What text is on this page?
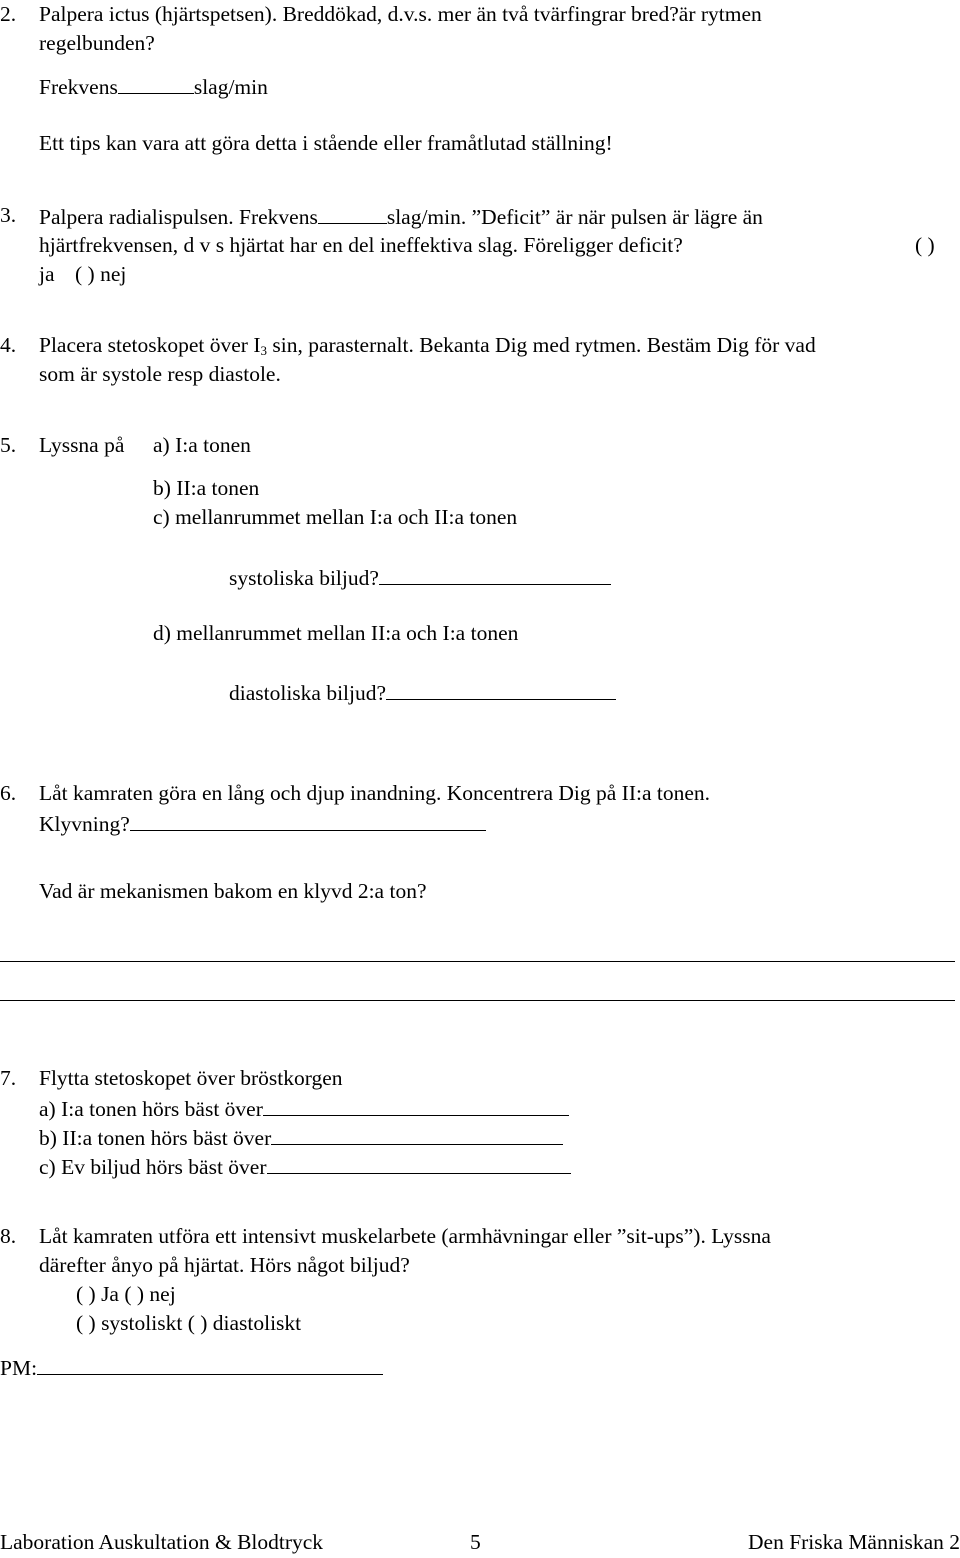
2. Palpera ictus (hjärtspetsen). Breddökad, d.v.s. mer än två tvärfingrar bred?är rytmen
regelbunden?
Frekvens	slag/min
Ett tips kan vara att göra detta i stående eller framåtlutad ställning!
3. Palpera radialispulsen. Frekvens	slag/min. ”Deficit” är när pulsen är lägre än
hjärtfrekvensen, d v s hjärtat har en del ineffektiva slag. Föreligger deficit?	( )
ja ( ) nej
4. Placera stetoskopet över $I_3$ sin, parasternalt. Bekanta Dig med rytmen. Bestäm Dig för vad
som är systole resp diastole.
5. Lyssna på a) I:a tonen
b) II:a tonen
c) mellanrummet mellan I:a och II:a tonen
systoliska biljud?
d) mellanrummet mellan II:a och I:a tonen
diastoliska biljud?
6. Låt kamraten göra en lång och djup inandning. Koncentrera Dig på II:a tonen.
Klyvning?
Vad är mekanismen bakom en klyvd 2:a ton?
7. Flytta stetoskopet över bröstkorgen
a) I:a tonen hörs bäst över
b) II:a tonen hörs bäst över
c) Ev biljud hörs bäst över
8. Låt kamraten utföra ett intensivt muskelarbete (armhävningar eller ”sit-ups”). Lyssna
därefter ånyo på hjärtat. Hörs något biljud?
( ) Ja ( ) nej
( ) systoliskt ( ) diastoliskt
PM:
Laboration Auskultation & Blodtryck	5	Den Friska Människan 2
